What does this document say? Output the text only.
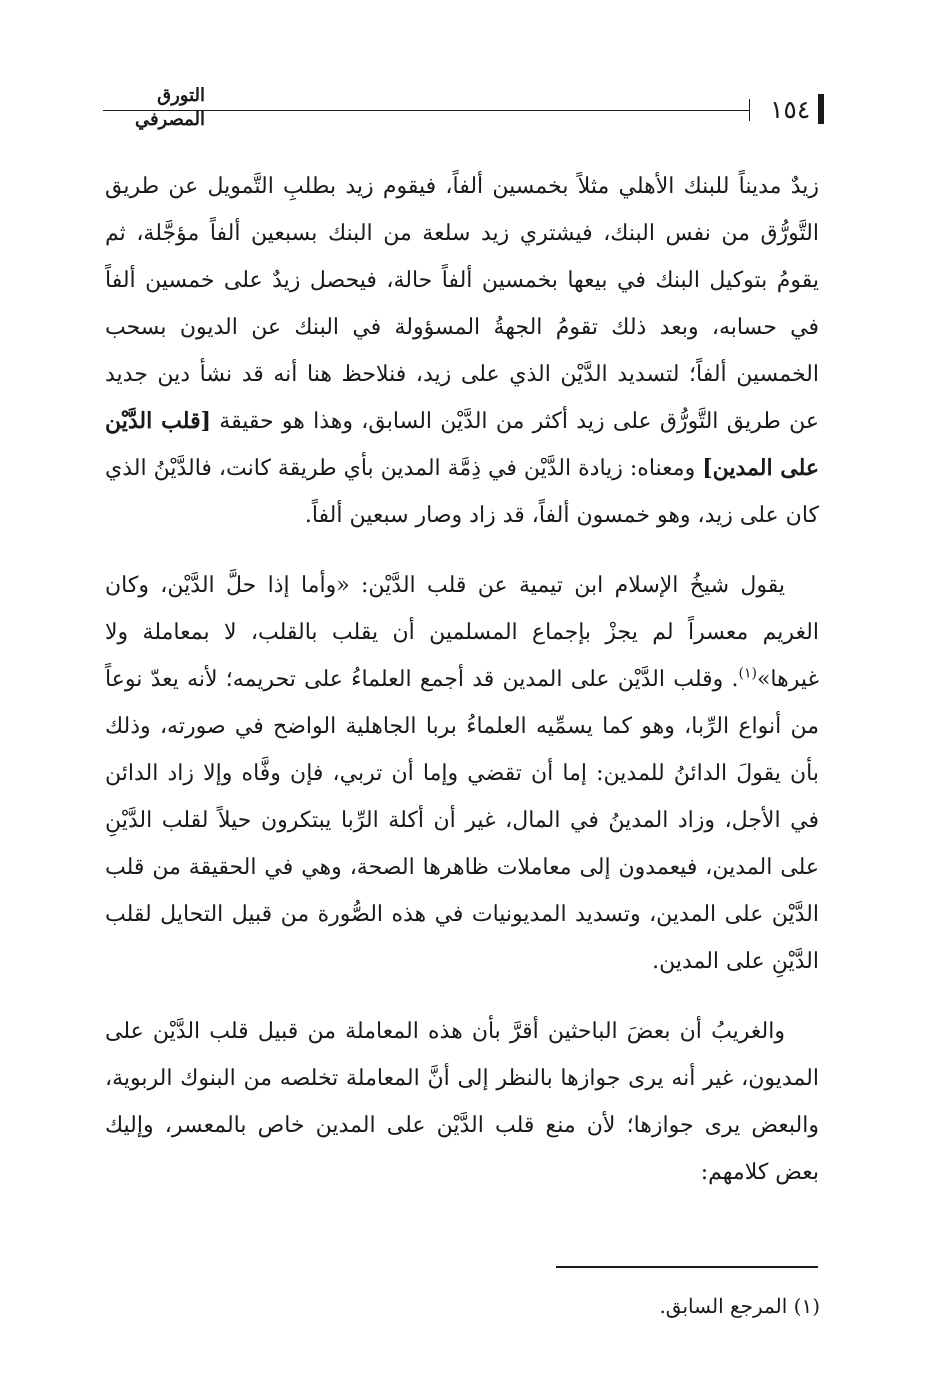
١٥٤
التورق المصرفي

زيدٌ مديناً للبنك الأهلي مثلاً بخمسين ألفاً، فيقوم زيد بطلبِ التَّمويل عن طريق التَّورُّق من نفس البنك، فيشتري زيد سلعة من البنك بسبعين ألفاً مؤجَّلة، ثم يقومُ بتوكيل البنك في بيعها بخمسين ألفاً حالة، فيحصل زيدٌ على خمسين ألفاً في حسابه، وبعد ذلك تقومُ الجهةُ المسؤولة في البنك عن الديون بسحب الخمسين ألفاً؛ لتسديد الدَّيْن الذي على زيد، فنلاحظ هنا أنه قد نشأ دين جديد عن طريق التَّورُّق على زيد أكثر من الدَّيْن السابق، وهذا هو حقيقة [قلب الدَّيْن على المدين] ومعناه: زيادة الدَّيْن في ذِمَّة المدين بأي طريقة كانت، فالدَّيْنُ الذي كان على زيد، وهو خمسون ألفاً، قد زاد وصار سبعين ألفاً.

يقول شيخُ الإسلام ابن تيمية عن قلب الدَّيْن: «وأما إذا حلَّ الدَّيْن، وكان الغريم معسراً لم يجزْ بإجماع المسلمين أن يقلب بالقلب، لا بمعاملة ولا غيرها»$^{(١)}$. وقلب الدَّيْن على المدين قد أجمع العلماءُ على تحريمه؛ لأنه يعدّ نوعاً من أنواع الرِّبا، وهو كما يسمِّيه العلماءُ بربا الجاهلية الواضح في صورته، وذلك بأن يقولَ الدائنُ للمدين: إما أن تقضي وإما أن تربي، فإن وفَّاه وإلا زاد الدائن في الأجل، وزاد المدينُ في المال، غير أن أكلة الرِّبا يبتكرون حيلاً لقلب الدَّيْنِ على المدين، فيعمدون إلى معاملات ظاهرها الصحة، وهي في الحقيقة من قلب الدَّيْن على المدين، وتسديد المديونيات في هذه الصُّورة من قبيل التحايل لقلب الدَّيْنِ على المدين.

والغريبُ أن بعضَ الباحثين أقرَّ بأن هذه المعاملة من قبيل قلب الدَّيْن على المديون، غير أنه يرى جوازها بالنظر إلى أنَّ المعاملة تخلصه من البنوك الربوية، والبعض يرى جوازها؛ لأن منع قلب الدَّيْن على المدين خاص بالمعسر، وإليك بعض كلامهم:

(١) المرجع السابق.
